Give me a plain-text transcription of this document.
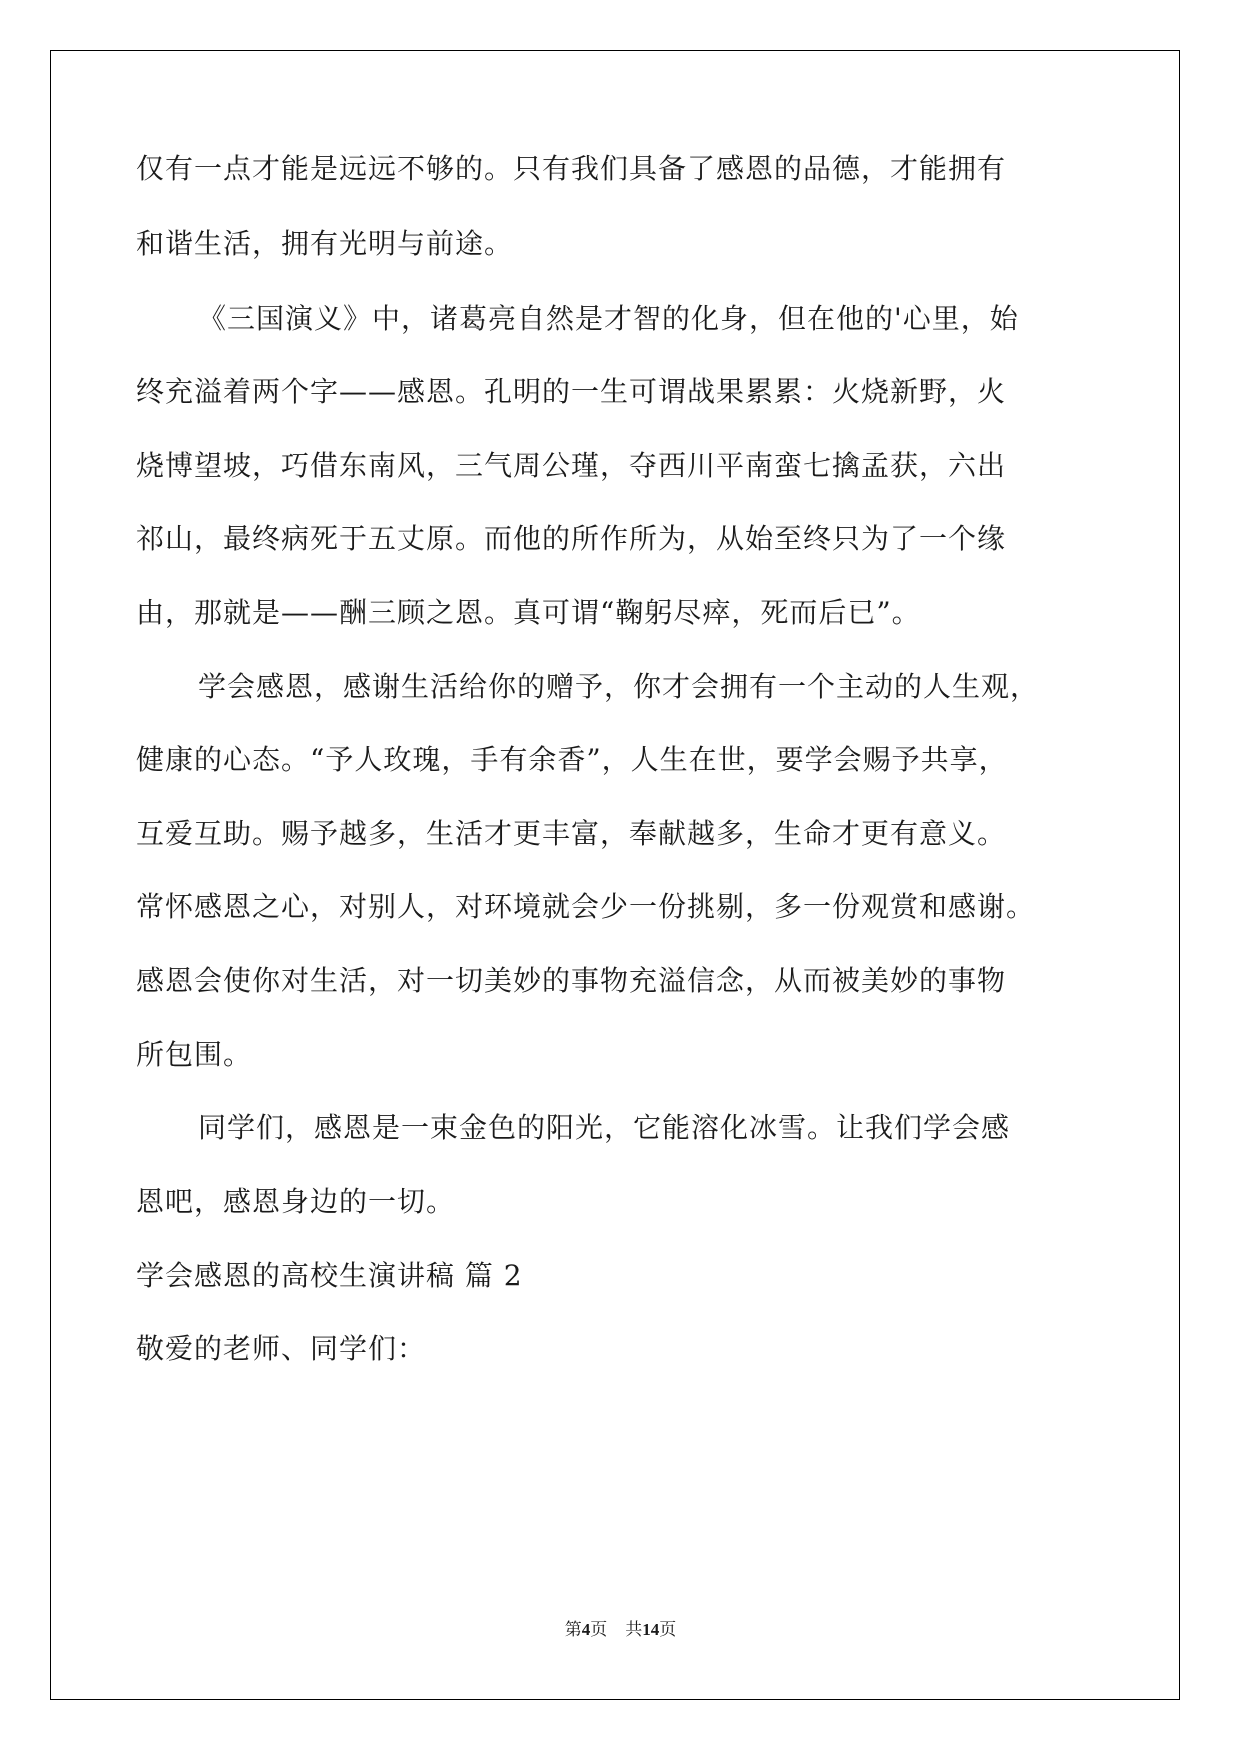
仅有一点才能是远远不够的。只有我们具备了感恩的品德，才能拥有
和谐生活，拥有光明与前途。
《三国演义》中，诸葛亮自然是才智的化身，但在他的'心里，始
终充溢着两个字——感恩。孔明的一生可谓战果累累：火烧新野，火
烧博望坡，巧借东南风，三气周公瑾，夺西川平南蛮七擒孟获，六出
祁山，最终病死于五丈原。而他的所作所为，从始至终只为了一个缘
由，那就是——酬三顾之恩。真可谓“鞠躬尽瘁，死而后已”。
学会感恩，感谢生活给你的赠予，你才会拥有一个主动的人生观，
健康的心态。“予人玫瑰，手有余香”，人生在世，要学会赐予共享，
互爱互助。赐予越多，生活才更丰富，奉献越多，生命才更有意义。
常怀感恩之心，对别人，对环境就会少一份挑剔，多一份观赏和感谢。
感恩会使你对生活，对一切美妙的事物充溢信念，从而被美妙的事物
所包围。
同学们，感恩是一束金色的阳光，它能溶化冰雪。让我们学会感
恩吧，感恩身边的一切。
学会感恩的高校生演讲稿 篇 2
敬爱的老师、同学们：
第4页 共14页
